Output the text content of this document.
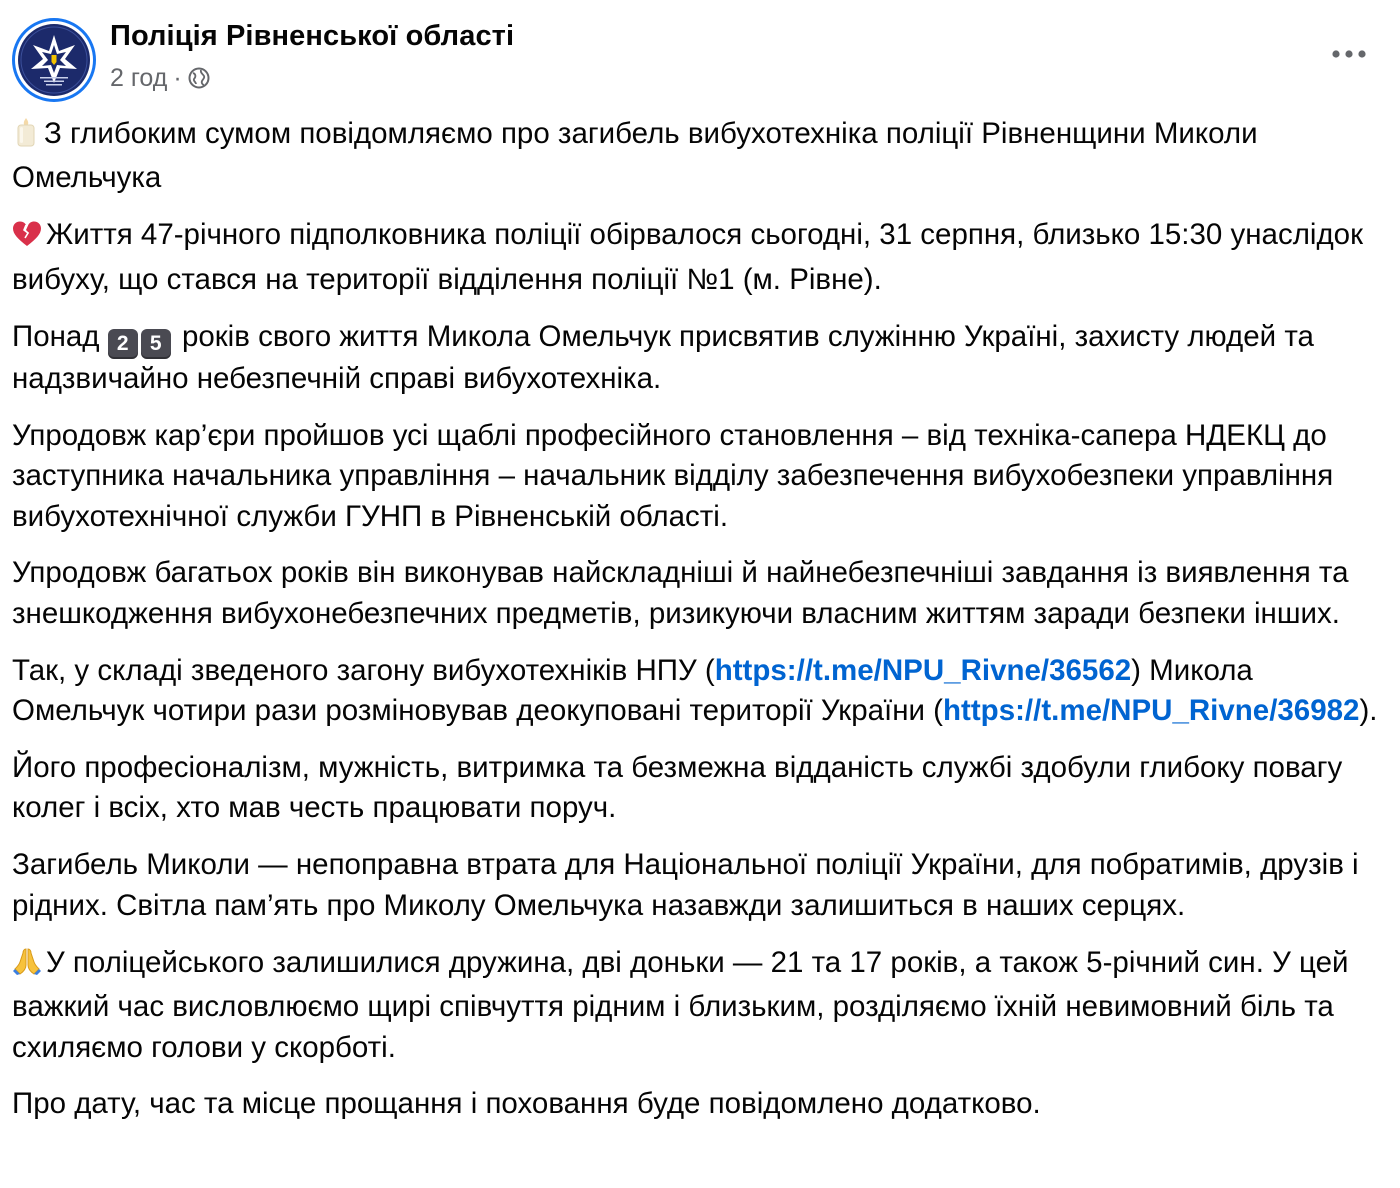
Поліція Рівненської області
2 год ·

З глибоким сумом повідомляємо про загибель вибухотехніка поліції Рівненщини Миколи Омельчука

Життя 47-річного підполковника поліції обірвалося сьогодні, 31 серпня, близько 15:30 унаслідок вибуху, що стався на території відділення поліції №1 (м. Рівне).

Понад 2 5 років свого життя Микола Омельчук присвятив служінню Україні, захисту людей та надзвичайно небезпечній справі вибухотехніка.

Упродовж кар’єри пройшов усі щаблі професійного становлення – від техніка-сапера НДЕКЦ до заступника начальника управління – начальник відділу забезпечення вибухобезпеки управління вибухотехнічної служби ГУНП в Рівненській області.

Упродовж багатьох років він виконував найскладніші й найнебезпечніші завдання із виявлення та знешкодження вибухонебезпечних предметів, ризикуючи власним життям заради безпеки інших.

Так, у складі зведеного загону вибухотехніків НПУ (https://t.me/NPU_Rivne/36562) Микола Омельчук чотири рази розміновував деокуповані території України (https://t.me/NPU_Rivne/36982).

Його професіоналізм, мужність, витримка та безмежна відданість службі здобули глибоку повагу колег і всіх, хто мав честь працювати поруч.

Загибель Миколи — непоправна втрата для Національної поліції України, для побратимів, друзів і рідних. Світла пам’ять про Миколу Омельчука назавжди залишиться в наших серцях.

У поліцейського залишилися дружина, дві доньки — 21 та 17 років, а також 5-річний син. У цей важкий час висловлюємо щирі співчуття рідним і близьким, розділяємо їхній невимовний біль та схиляємо голови у скорботі.

Про дату, час та місце прощання і поховання буде повідомлено додатково.
